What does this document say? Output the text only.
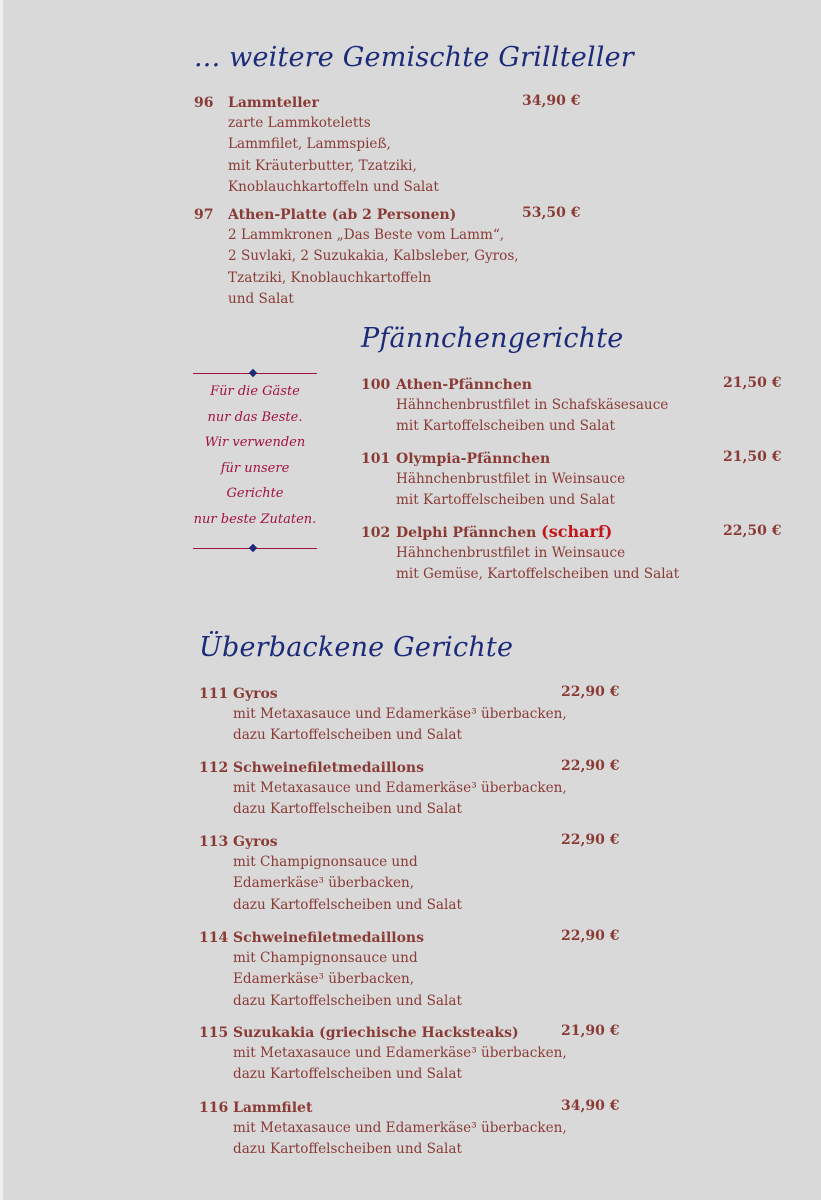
... weitere Gemischte Grillteller
96 Lammteller	34,90 €
zarte Lammkoteletts
Lammfilet, Lammspieß,
mit Kräuterbutter, Tzatziki,
Knoblauchkartoffeln und Salat
97 Athen-Platte (ab 2 Personen)	53,50 €
2 Lammkronen „Das Beste vom Lamm“,
2 Suvlaki, 2 Suzukakia, Kalbsleber, Gyros,
Tzatziki, Knoblauchkartoffeln
und Salat
Pfännchengerichte
Für die Gäste
nur das Beste.
Wir verwenden
für unsere Gerichte
nur beste Zutaten.
100 Athen-Pfännchen	21,50 €
Hähnchenbrustfilet in Schafskäsesauce
mit Kartoffelscheiben und Salat
101 Olympia-Pfännchen	21,50 €
Hähnchenbrustfilet in Weinsauce
mit Kartoffelscheiben und Salat
102 Delphi Pfännchen (scharf)	22,50 €
Hähnchenbrustfilet in Weinsauce
mit Gemüse, Kartoffelscheiben und Salat
Überbackene Gerichte
111 Gyros	22,90 €
mit Metaxasauce und Edamerkäse³ überbacken,
dazu Kartoffelscheiben und Salat
112 Schweinefiletmedaillons	22,90 €
mit Metaxasauce und Edamerkäse³ überbacken,
dazu Kartoffelscheiben und Salat
113 Gyros	22,90 €
mit Champignonsauce und
Edamerkäse³ überbacken,
dazu Kartoffelscheiben und Salat
114 Schweinefiletmedaillons	22,90 €
mit Champignonsauce und
Edamerkäse³ überbacken,
dazu Kartoffelscheiben und Salat
115 Suzukakia (griechische Hacksteaks)	21,90 €
mit Metaxasauce und Edamerkäse³ überbacken,
dazu Kartoffelscheiben und Salat
116 Lammfilet	34,90 €
mit Metaxasauce und Edamerkäse³ überbacken,
dazu Kartoffelscheiben und Salat
